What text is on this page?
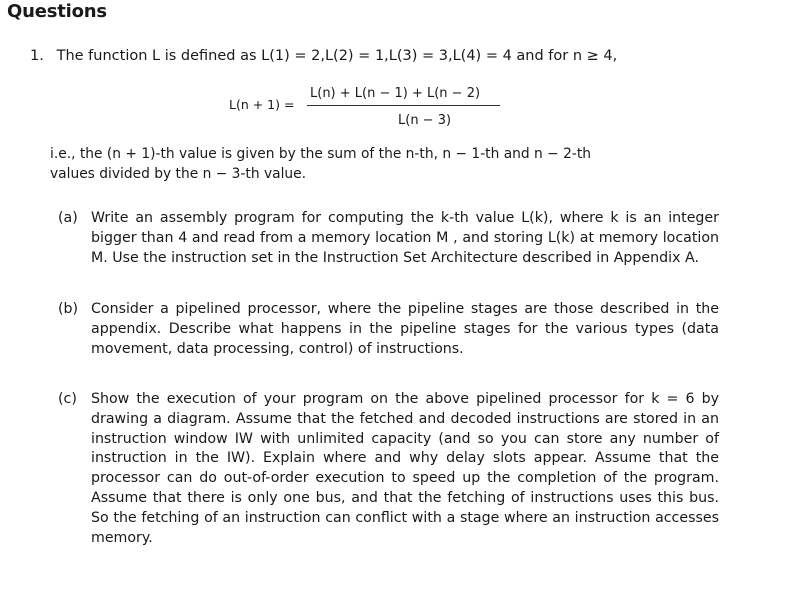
Questions
1. The function L is defined as L(1) = 2,L(2) = 1,L(3) = 3,L(4) = 4 and for n ≥ 4,
L(n + 1) =
L(n) + L(n − 1) + L(n − 2)
L(n − 3)
i.e., the (n + 1)-th value is given by the sum of the n-th, n − 1-th and n − 2-th
values divided by the n − 3-th value.
(a) Write an assembly program for computing the k-th value L(k), where k is an integer bigger than 4 and read from a memory location M , and storing L(k) at memory location M. Use the instruction set in the Instruction Set Architecture described in Appendix A.
(b) Consider a pipelined processor, where the pipeline stages are those described in the appendix. Describe what happens in the pipeline stages for the various types (data movement, data processing, control) of instructions.
(c) Show the execution of your program on the above pipelined processor for k = 6 by drawing a diagram. Assume that the fetched and decoded instructions are stored in an instruction window IW with unlimited capacity (and so you can store any number of instruction in the IW). Explain where and why delay slots appear. Assume that the processor can do out-of-order execution to speed up the completion of the program. Assume that there is only one bus, and that the fetching of instructions uses this bus. So the fetching of an instruction can conflict with a stage where an instruction accesses memory.
